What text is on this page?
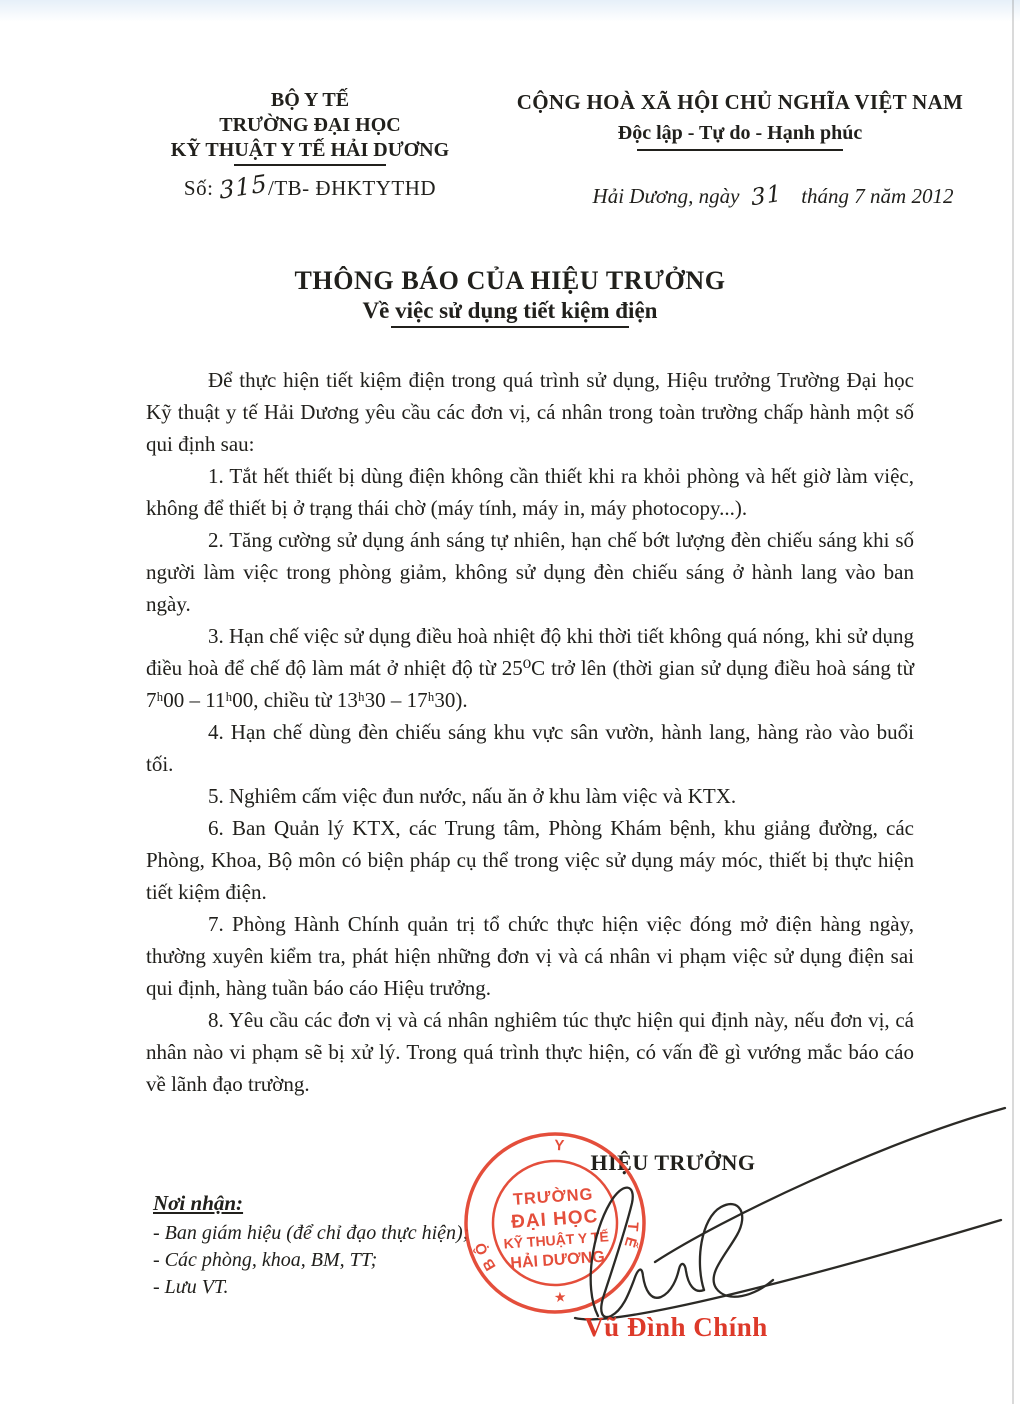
BỘ Y TẾ
TRƯỜNG ĐẠI HỌC
KỸ THUẬT Y TẾ HẢI DƯƠNG
Số: 315/TB- ĐHKTYTHD
CỘNG HOÀ XÃ HỘI CHỦ NGHĨA VIỆT NAM
Độc lập - Tự do - Hạnh phúc
Hải Dương, ngày 31 tháng 7 năm 2012
THÔNG BÁO CỦA HIỆU TRƯỞNG
Về việc sử dụng tiết kiệm điện

Để thực hiện tiết kiệm điện trong quá trình sử dụng, Hiệu trưởng Trường Đại học Kỹ thuật y tế Hải Dương yêu cầu các đơn vị, cá nhân trong toàn trường chấp hành một số qui định sau:

1. Tắt hết thiết bị dùng điện không cần thiết khi ra khỏi phòng và hết giờ làm việc, không để thiết bị ở trạng thái chờ (máy tính, máy in, máy photocopy...).

2. Tăng cường sử dụng ánh sáng tự nhiên, hạn chế bớt lượng đèn chiếu sáng khi số người làm việc trong phòng giảm, không sử dụng đèn chiếu sáng ở hành lang vào ban ngày.

3. Hạn chế việc sử dụng điều hoà nhiệt độ khi thời tiết không quá nóng, khi sử dụng điều hoà để chế độ làm mát ở nhiệt độ từ 25⁰C trở lên (thời gian sử dụng điều hoà sáng từ 7ʰ00 – 11ʰ00, chiều từ 13ʰ30 – 17ʰ30).

4. Hạn chế dùng đèn chiếu sáng khu vực sân vườn, hành lang, hàng rào vào buổi tối.

5. Nghiêm cấm việc đun nước, nấu ăn ở khu làm việc và KTX.

6. Ban Quản lý KTX, các Trung tâm, Phòng Khám bệnh, khu giảng đường, các Phòng, Khoa, Bộ môn có biện pháp cụ thể trong việc sử dụng máy móc, thiết bị thực hiện tiết kiệm điện.

7. Phòng Hành Chính quản trị tổ chức thực hiện việc đóng mở điện hàng ngày, thường xuyên kiểm tra, phát hiện những đơn vị và cá nhân vi phạm việc sử dụng điện sai qui định, hàng tuần báo cáo Hiệu trưởng.

8. Yêu cầu các đơn vị và cá nhân nghiêm túc thực hiện qui định này, nếu đơn vị, cá nhân nào vi phạm sẽ bị xử lý. Trong quá trình thực hiện, có vấn đề gì vướng mắc báo cáo về lãnh đạo trường.

Nơi nhận:
- Ban giám hiệu (để chỉ đạo thực hiện);
- Các phòng, khoa, BM, TT;
- Lưu VT.
HIỆU TRƯỞNG
Y
TẾ
BỘ
TRƯỜNG
ĐẠI HỌC
KỸ THUẬT Y TẾ
HẢI DƯƠNG
★
Vũ Đình Chính
